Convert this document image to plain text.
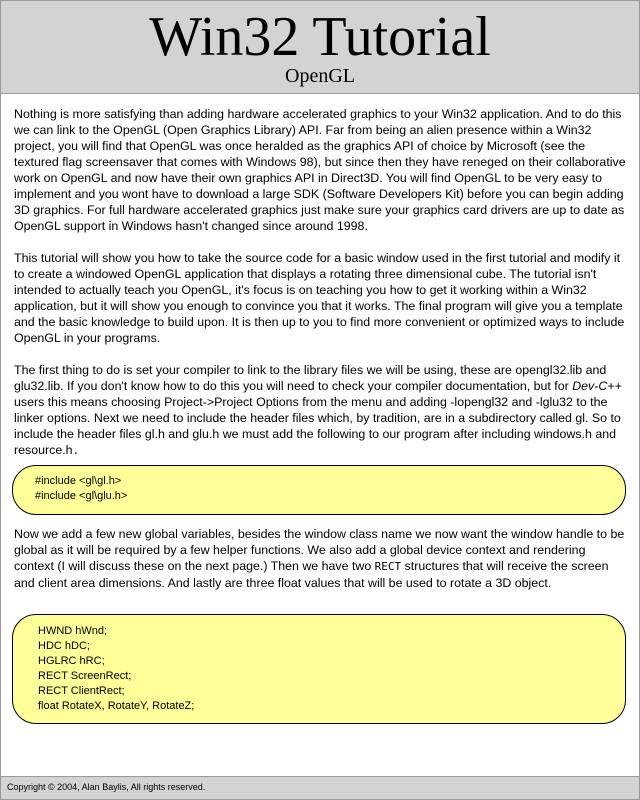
Win32 Tutorial
OpenGL

Nothing is more satisfying than adding hardware accelerated graphics to your Win32 application. And to do this we can link to the OpenGL (Open Graphics Library) API. Far from being an alien presence within a Win32 project, you will find that OpenGL was once heralded as the graphics API of choice by Microsoft (see the textured flag screensaver that comes with Windows 98), but since then they have reneged on their collaborative work on OpenGL and now have their own graphics API in Direct3D. You will find OpenGL to be very easy to implement and you wont have to download a large SDK (Software Developers Kit) before you can begin adding 3D graphics. For full hardware accelerated graphics just make sure your graphics card drivers are up to date as OpenGL support in Windows hasn't changed since around 1998.

This tutorial will show you how to take the source code for a basic window used in the first tutorial and modify it to create a windowed OpenGL application that displays a rotating three dimensional cube. The tutorial isn't intended to actually teach you OpenGL, it's focus is on teaching you how to get it working within a Win32 application, but it will show you enough to convince you that it works. The final program will give you a template and the basic knowledge to build upon. It is then up to you to find more convenient or optimized ways to include OpenGL in your programs.

The first thing to do is set your compiler to link to the library files we will be using, these are opengl32.lib and glu32.lib. If you don't know how to do this you will need to check your compiler documentation, but for Dev-C++ users this means choosing Project->Project Options from the menu and adding -lopengl32 and -lglu32 to the linker options. Next we need to include the header files which, by tradition, are in a subdirectory called gl. So to include the header files gl.h and glu.h we must add the following to our program after including windows.h and resource.h.

#include <gl\gl.h>
#include <gl\glu.h>
Now we add a few new global variables, besides the window class name we now want the window handle to be global as it will be required by a few helper functions. We also add a global device context and rendering context (I will discuss these on the next page.) Then we have two RECT structures that will receive the screen and client area dimensions. And lastly are three float values that will be used to rotate a 3D object.
HWND hWnd;
HDC hDC;
HGLRC hRC;
RECT ScreenRect;
RECT ClientRect;
float RotateX, RotateY, RotateZ;
Copyright © 2004, Alan Baylis, All rights reserved.
